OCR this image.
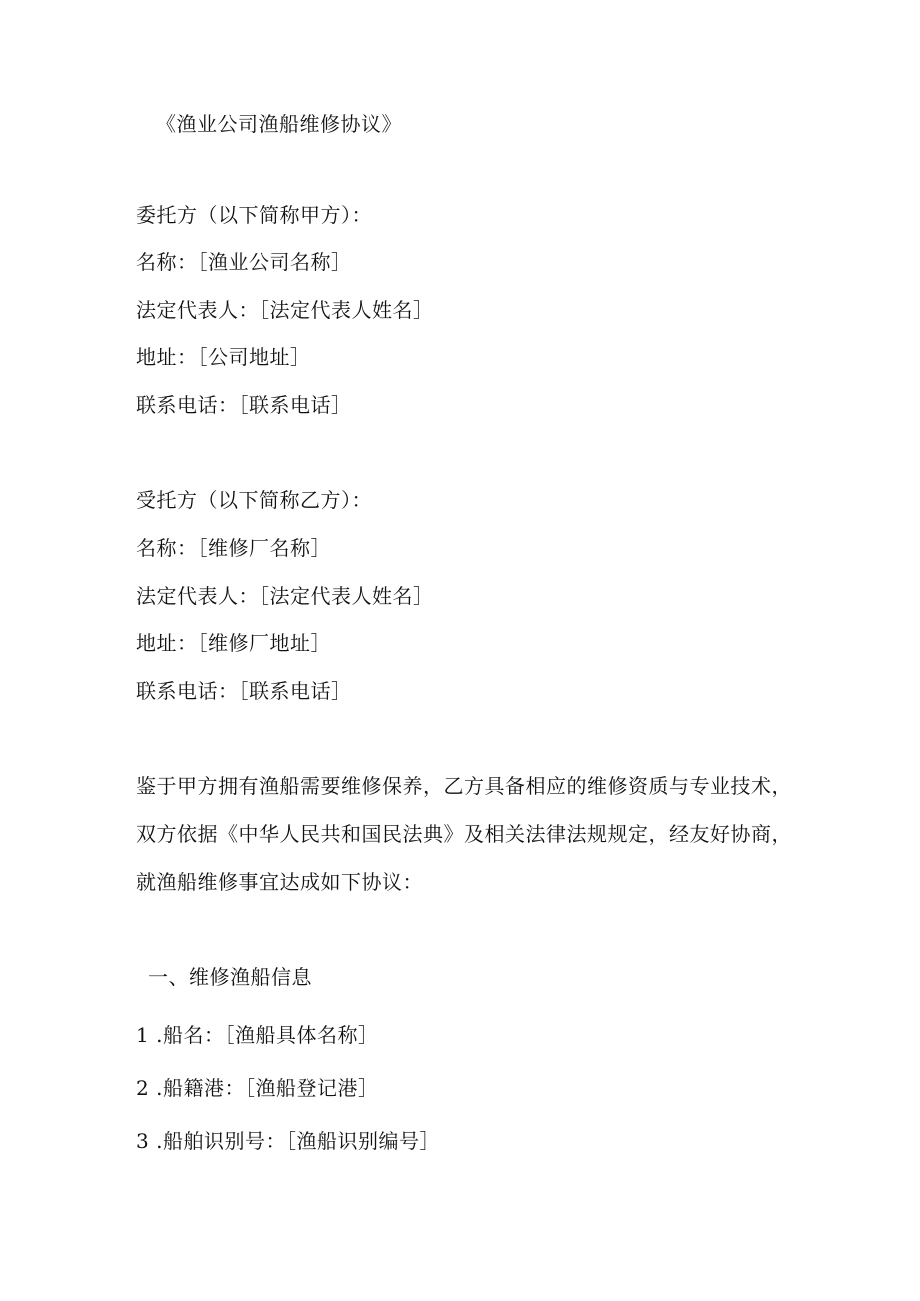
《渔业公司渔船维修协议》
委托方（以下简称甲方）：
名称：［渔业公司名称］
法定代表人：［法定代表人姓名］
地址：［公司地址］
联系电话：［联系电话］
受托方（以下简称乙方）：
名称：［维修厂名称］
法定代表人：［法定代表人姓名］
地址：［维修厂地址］
联系电话：［联系电话］
鉴于甲方拥有渔船需要维修保养，乙方具备相应的维修资质与专业技术，
双方依据《中华人民共和国民法典》及相关法律法规规定，经友好协商，
就渔船维修事宜达成如下协议：
一、维修渔船信息
1 .船名：［渔船具体名称］
2 .船籍港：［渔船登记港］
3 .船舶识别号：［渔船识别编号］
